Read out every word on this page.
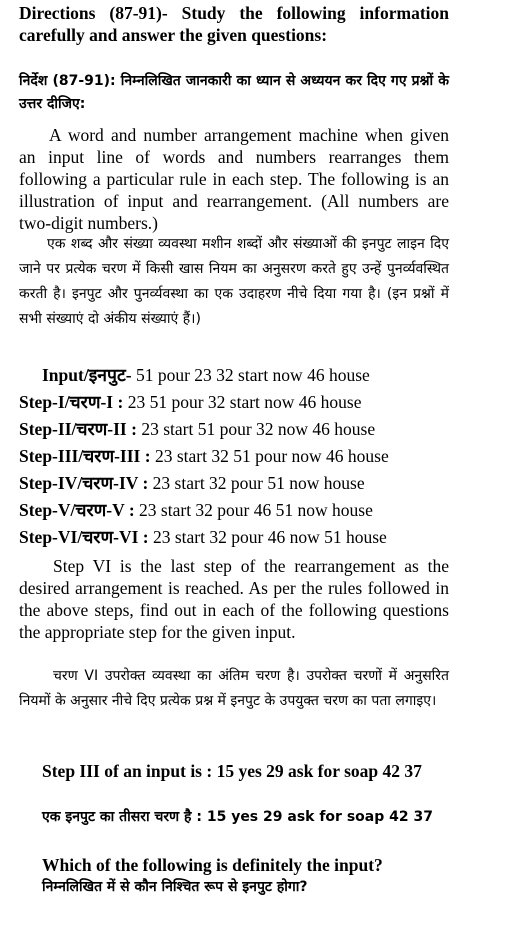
Directions (87-91)- Study the following information carefully and answer the given questions:
निर्देश (87-91): निम्नलिखित जानकारी का ध्यान से अध्ययन कर दिए गए प्रश्नों के उत्तर दीजिए:
A word and number arrangement machine when given an input line of words and numbers rearranges them following a particular rule in each step. The following is an illustration of input and rearrangement. (All numbers are two-digit numbers.)
एक शब्द और संख्या व्यवस्था मशीन शब्दों और संख्याओं की इनपुट लाइन दिए जाने पर प्रत्येक चरण में किसी खास नियम का अनुसरण करते हुए उन्हें पुनर्व्यवस्थित करती है। इनपुट और पुनर्व्यवस्था का एक उदाहरण नीचे दिया गया है। (इन प्रश्नों में सभी संख्याएं दो अंकीय संख्याएं हैं।)
Input/इनपुट- 51 pour 23 32 start now 46 house
Step-I/चरण-I : 23 51 pour 32 start now 46 house
Step-II/चरण-II : 23 start 51 pour 32 now 46 house
Step-III/चरण-III : 23 start 32 51 pour now 46 house
Step-IV/चरण-IV : 23 start 32 pour 51 now house
Step-V/चरण-V : 23 start 32 pour 46 51 now house
Step-VI/चरण-VI : 23 start 32 pour 46 now 51 house
Step VI is the last step of the rearrangement as the desired arrangement is reached. As per the rules followed in the above steps, find out in each of the following questions the appropriate step for the given input.
चरण VI उपरोक्त व्यवस्था का अंतिम चरण है। उपरोक्त चरणों में अनुसरित नियमों के अनुसार नीचे दिए प्रत्येक प्रश्न में इनपुट के उपयुक्त चरण का पता लगाइए।
Step III of an input is : 15 yes 29 ask for soap 42 37
एक इनपुट का तीसरा चरण है : 15 yes 29 ask for soap 42 37
Which of the following is definitely the input?
निम्नलिखित में से कौन निश्चित रूप से इनपुट होगा?
